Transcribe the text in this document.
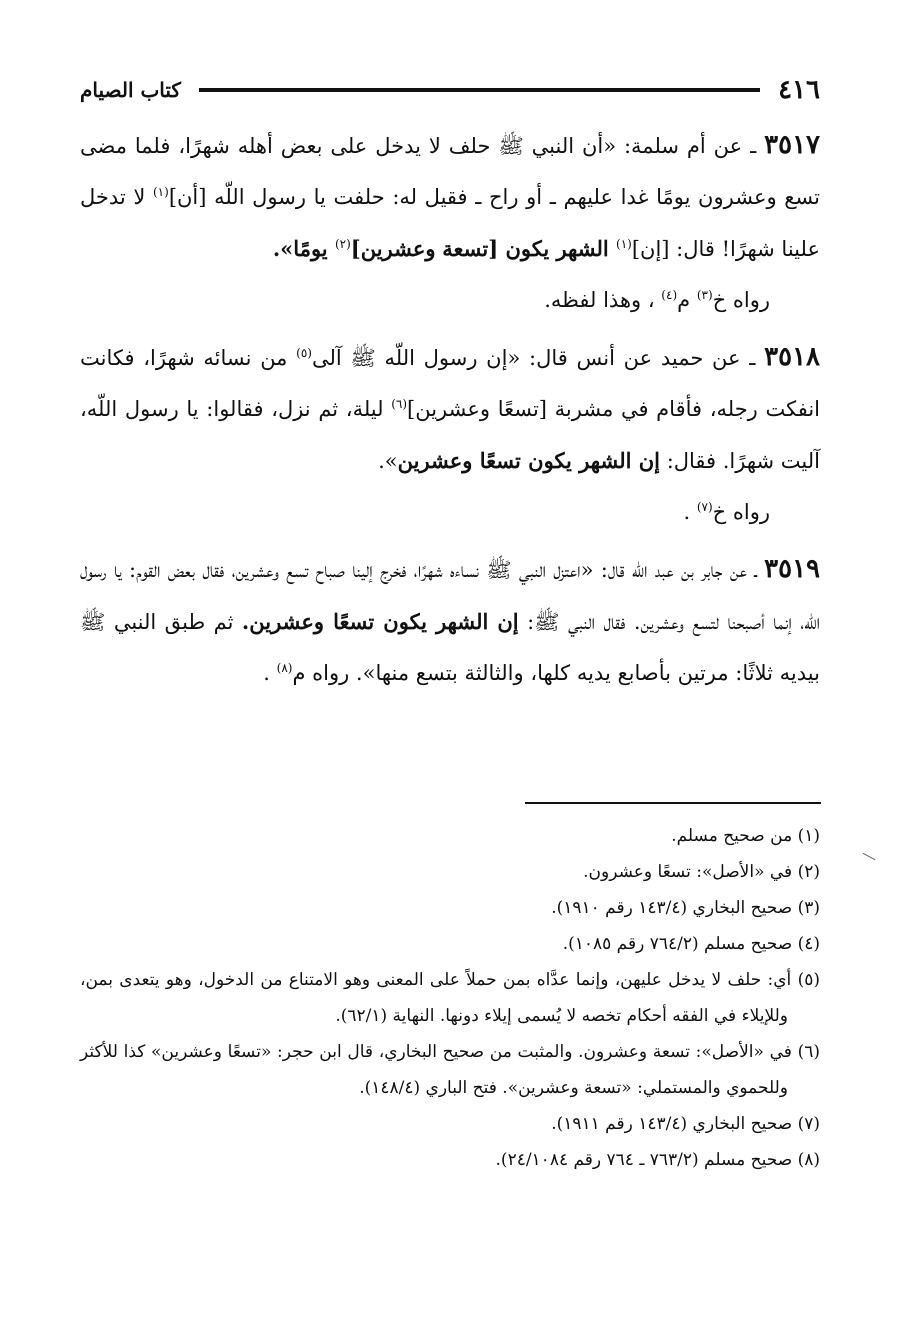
٤١٦
كتاب الصيام

٣٥١٧ ـ عن أم سلمة: «أن النبي ﷺ حلف لا يدخل على بعض أهله شهرًا، فلما مضى تسع وعشرون يومًا غدا عليهم ـ أو راح ـ فقيل له: حلفت يا رسول اللّه [أن]$^{(١)}$ لا تدخل علينا شهرًا! قال: [إن]$^{(١)}$ الشهر يكون [تسعة وعشرين]$^{(٢)}$ يومًا».

رواه خ$^{(٣)}$ م$^{(٤)}$ ، وهذا لفظه.

٣٥١٨ ـ عن حميد عن أنس قال: «إن رسول اللّه ﷺ آلى$^{(٥)}$ من نسائه شهرًا، فكانت انفكت رجله، فأقام في مشربة [تسعًا وعشرين]$^{(٦)}$ ليلة، ثم نزل، فقالوا: يا رسول اللّه، آليت شهرًا. فقال: إن الشهر يكون تسعًا وعشرين».

رواه خ$^{(٧)}$ .

٣٥١٩ ـ عن جابر بن عبد اللّه قال: «اعتزل النبي ﷺ نساءه شهرًا، فخرج إلينا صباح تسع وعشرين، فقال بعض القوم: يا رسول اللّه، إنما أصبحنا لتسع وعشرين. فقال النبي ﷺ: إن الشهر يكون تسعًا وعشرين. ثم طبق النبي ﷺ بيديه ثلاثًا: مرتين بأصابع يديه كلها، والثالثة بتسع منها». رواه م$^{(٨)}$ .

(١) من صحيح مسلم.

(٢) في «الأصل»: تسعًا وعشرون.

(٣) صحيح البخاري (١٤٣/٤ رقم ١٩١٠).

(٤) صحيح مسلم (٧٦٤/٢ رقم ١٠٨٥).

(٥) أي: حلف لا يدخل عليهن، وإنما عدَّاه بمن حملاً على المعنى وهو الامتناع من الدخول، وهو يتعدى بمن، وللإيلاء في الفقه أحكام تخصه لا يُسمى إيلاء دونها. النهاية (٦٢/١).

(٦) في «الأصل»: تسعة وعشرون. والمثبت من صحيح البخاري، قال ابن حجر: «تسعًا وعشرين» كذا للأكثر وللحموي والمستملي: «تسعة وعشرين». فتح الباري (١٤٨/٤).

(٧) صحيح البخاري (١٤٣/٤ رقم ١٩١١).

(٨) صحيح مسلم (٧٦٣/٢ ـ ٧٦٤ رقم ٢٤/١٠٨٤).
